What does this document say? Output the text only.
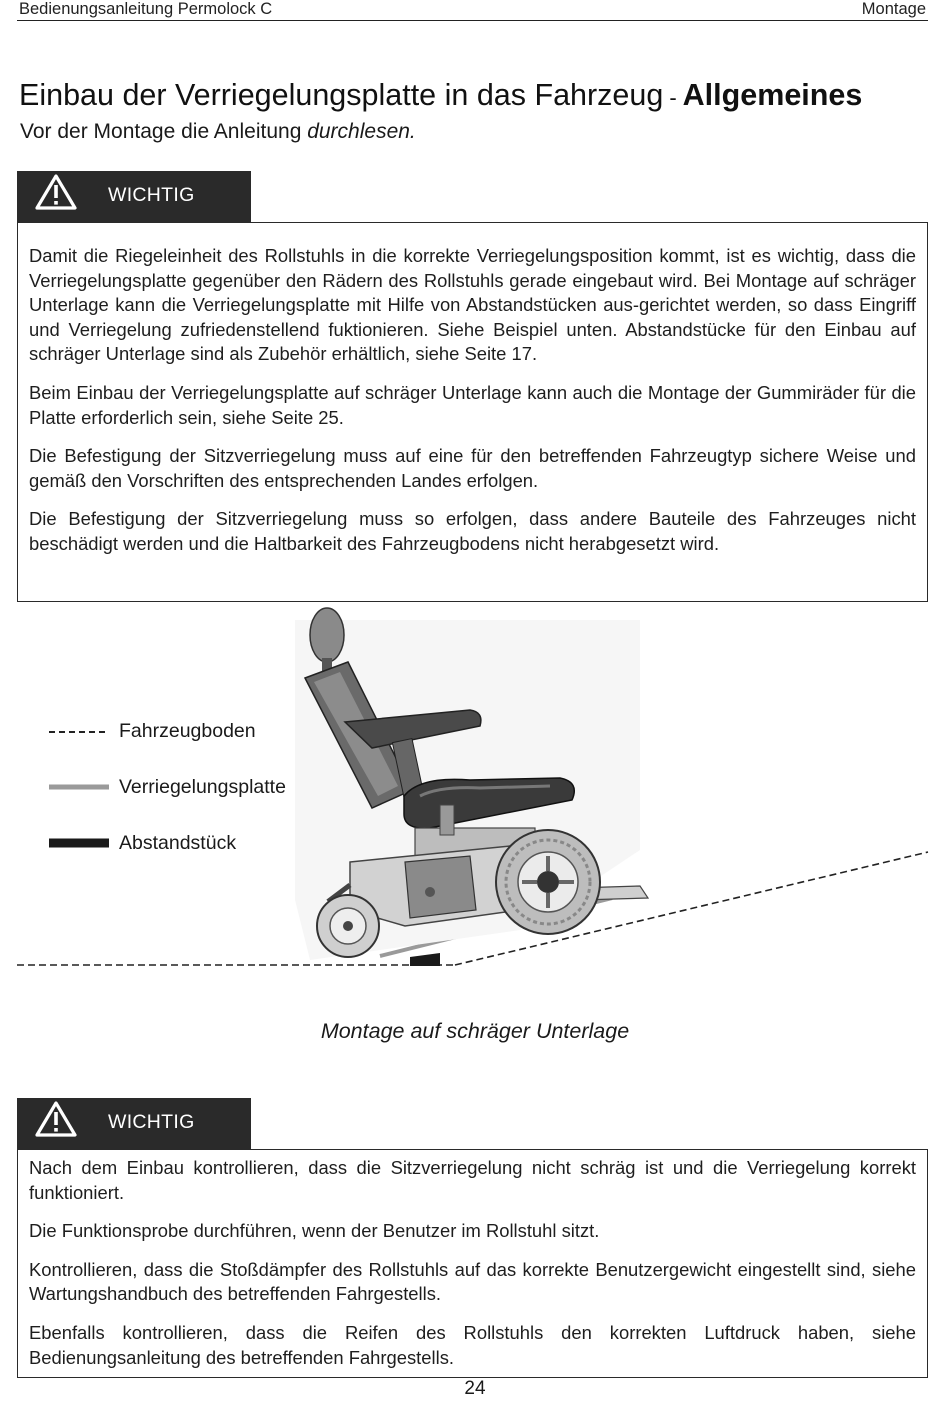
Bedienungsanleitung Permolock C	Montage
Einbau der Verriegelungsplatte in das Fahrzeug - Allgemeines
Vor der Montage die Anleitung durchlesen.
WICHTIG

Damit die Riegeleinheit des Rollstuhls in die korrekte Verriegelungsposition kommt, ist es wichtig, dass die Verriegelungsplatte gegenüber den Rädern des Rollstuhls gerade eingebaut wird. Bei Montage auf schräger Unterlage kann die Verriegelungsplatte mit Hilfe von Abstandstücken aus-gerichtet werden, so dass Eingriff und Verriegelung zufriedenstellend fuktionieren. Siehe Beispiel unten. Abstandstücke für den Einbau auf schräger Unterlage sind als Zubehör erhältlich, siehe Seite 17.

Beim Einbau der Verriegelungsplatte auf schräger Unterlage kann auch die Montage der Gummiräder für die Platte erforderlich sein, siehe Seite 25.

Die Befestigung der Sitzverriegelung muss auf eine für den betreffenden Fahrzeugtyp sichere Weise und gemäß den Vorschriften des entsprechenden Landes erfolgen.

Die Befestigung der Sitzverriegelung muss so erfolgen, dass andere Bauteile des Fahrzeuges nicht beschädigt werden und die Haltbarkeit des Fahrzeugbodens nicht herabgesetzt wird.

Fahrzeugboden
Verriegelungsplatte
Abstandstück
Montage auf schräger Unterlage
WICHTIG

Nach dem Einbau kontrollieren, dass die Sitzverriegelung nicht schräg ist und die Verriegelung korrekt funktioniert.

Die Funktionsprobe durchführen, wenn der Benutzer im Rollstuhl sitzt.

Kontrollieren, dass die Stoßdämpfer des Rollstuhls auf das korrekte Benutzergewicht eingestellt sind, siehe Wartungshandbuch des betreffenden Fahrgestells.

Ebenfalls kontrollieren, dass die Reifen des Rollstuhls den korrekten Luftdruck haben, siehe Bedienungsanleitung des betreffenden Fahrgestells.

24
